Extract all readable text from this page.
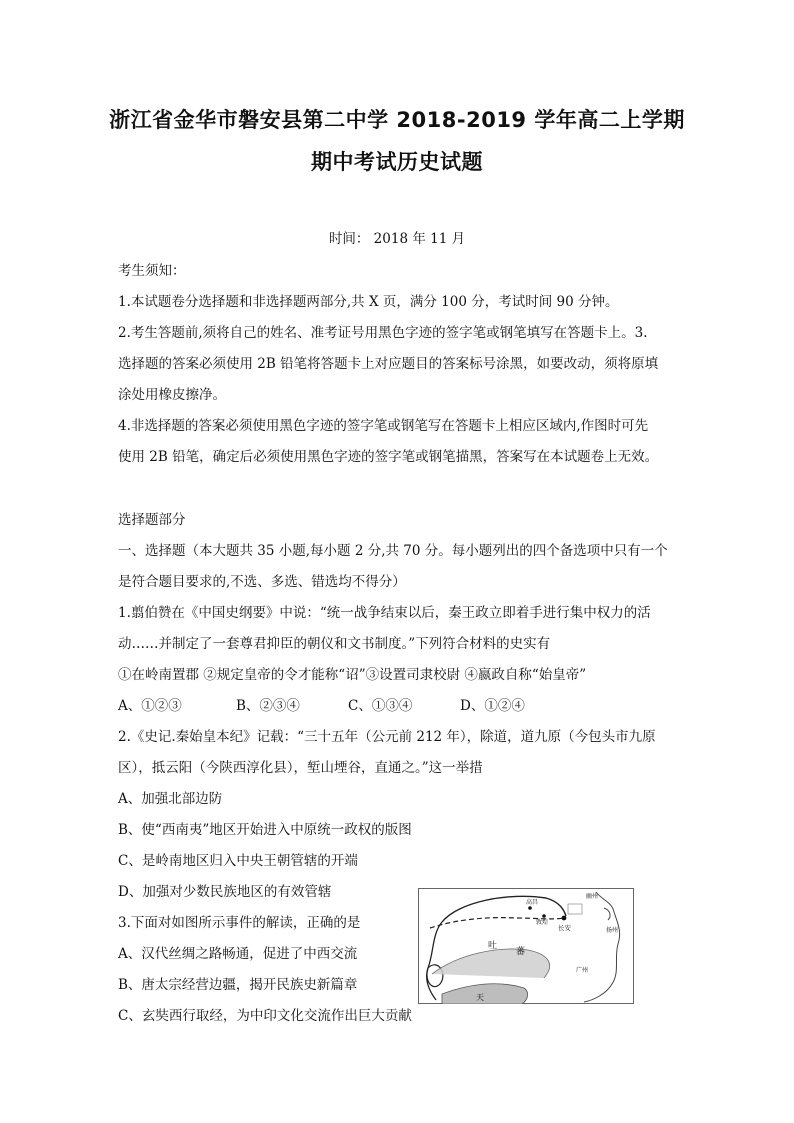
浙江省金华市磐安县第二中学 2018-2019 学年高二上学期
期中考试历史试题
时间： 2018 年 11 月
考生须知：
1.本试题卷分选择题和非选择题两部分,共 X 页，满分 100 分，考试时间 90 分钟。
2.考生答题前,须将自己的姓名、准考证号用黑色字迹的签字笔或钢笔填写在答题卡上。3.
选择题的答案必须使用 2B 铅笔将答题卡上对应题目的答案标号涂黑，如要改动，须将原填
涂处用橡皮擦净。
4.非选择题的答案必须使用黑色字迹的签字笔或钢笔写在答题卡上相应区域内,作图时可先
使用 2B 铅笔，确定后必须使用黑色字迹的签字笔或钢笔描黑，答案写在本试题卷上无效。
选择题部分
一、选择题（本大题共 35 小题,每小题 2 分,共 70 分。每小题列出的四个备选项中只有一个
是符合题目要求的,不选、多选、错选均不得分）
1.翦伯赞在《中国史纲要》中说：“统一战争结束以后，秦王政立即着手进行集中权力的活
动……并制定了一套尊君抑臣的朝仪和文书制度。”下列符合材料的史实有
①在岭南置郡 ②规定皇帝的令才能称“诏”③设置司隶校尉 ④嬴政自称“始皇帝”
A、①②③	B、②③④	C、①③④	D、①②④
2.《史记.秦始皇本纪》记载：“三十五年（公元前 212 年），除道，道九原（今包头市九原
区），抵云阳（今陕西淳化县），堑山堙谷，直通之。”这一举措
A、加强北部边防
B、使“西南夷”地区开始进入中原统一政权的版图
C、是岭南地区归入中央王朝管辖的开端
D、加强对少数民族地区的有效管辖
3.下面对如图所示事件的解读，正确的是
A、汉代丝绸之路畅通，促进了中西交流
B、唐太宗经营边疆，揭开民族史新篇章
C、玄奘西行取经，为中印文化交流作出巨大贡献
高昌
敦煌
长安
吐
蕃
扬州
广州
天
幽州
